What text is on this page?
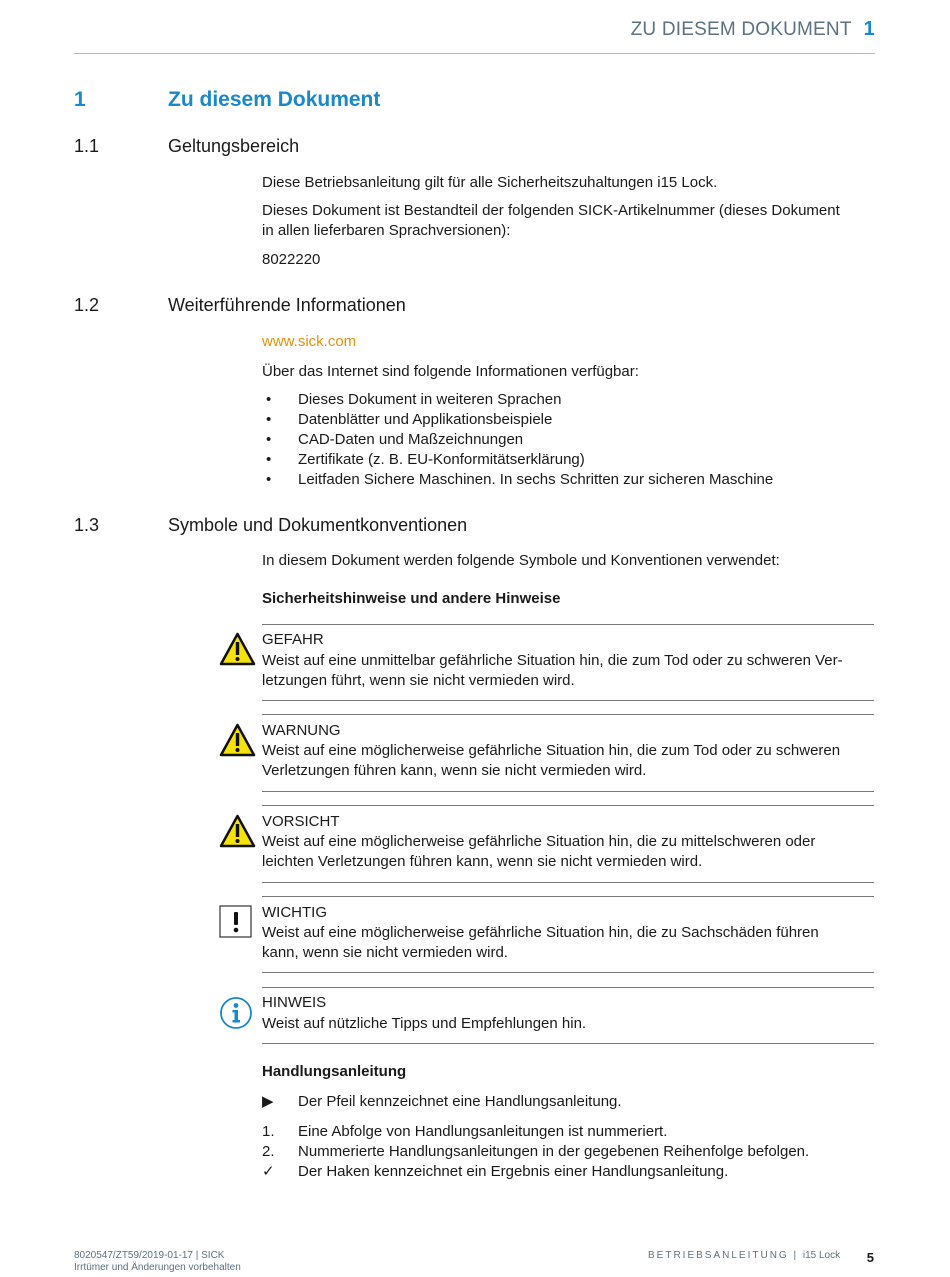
ZU DIESEM DOKUMENT 1
1	Zu diesem Dokument
1.1	Geltungsbereich
Diese Betriebsanleitung gilt für alle Sicherheitszuhaltungen i15 Lock.
Dieses Dokument ist Bestandteil der folgenden SICK-Artikelnummer (dieses Dokument
in allen lieferbaren Sprachversionen):
8022220
1.2	Weiterführende Informationen
www.sick.com
Über das Internet sind folgende Informationen verfügbar:
• Dieses Dokument in weiteren Sprachen
• Datenblätter und Applikationsbeispiele
• CAD-Daten und Maßzeichnungen
• Zertifikate (z. B. EU-Konformitätserklärung)
• Leitfaden Sichere Maschinen. In sechs Schritten zur sicheren Maschine
1.3	Symbole und Dokumentkonventionen
In diesem Dokument werden folgende Symbole und Konventionen verwendet:
Sicherheitshinweise und andere Hinweise
GEFAHR
Weist auf eine unmittelbar gefährliche Situation hin, die zum Tod oder zu schweren Ver-
letzungen führt, wenn sie nicht vermieden wird.
WARNUNG
Weist auf eine möglicherweise gefährliche Situation hin, die zum Tod oder zu schweren
Verletzungen führen kann, wenn sie nicht vermieden wird.
VORSICHT
Weist auf eine möglicherweise gefährliche Situation hin, die zu mittelschweren oder
leichten Verletzungen führen kann, wenn sie nicht vermieden wird.
WICHTIG
Weist auf eine möglicherweise gefährliche Situation hin, die zu Sachschäden führen
kann, wenn sie nicht vermieden wird.
HINWEIS
Weist auf nützliche Tipps und Empfehlungen hin.
Handlungsanleitung
▶ Der Pfeil kennzeichnet eine Handlungsanleitung.
1. Eine Abfolge von Handlungsanleitungen ist nummeriert.
2. Nummerierte Handlungsanleitungen in der gegebenen Reihenfolge befolgen.
✓ Der Haken kennzeichnet ein Ergebnis einer Handlungsanleitung.
8020547/ZT59/2019-01-17 | SICK
Irrtümer und Änderungen vorbehalten
BETRIEBSANLEITUNG | i15 Lock 5
